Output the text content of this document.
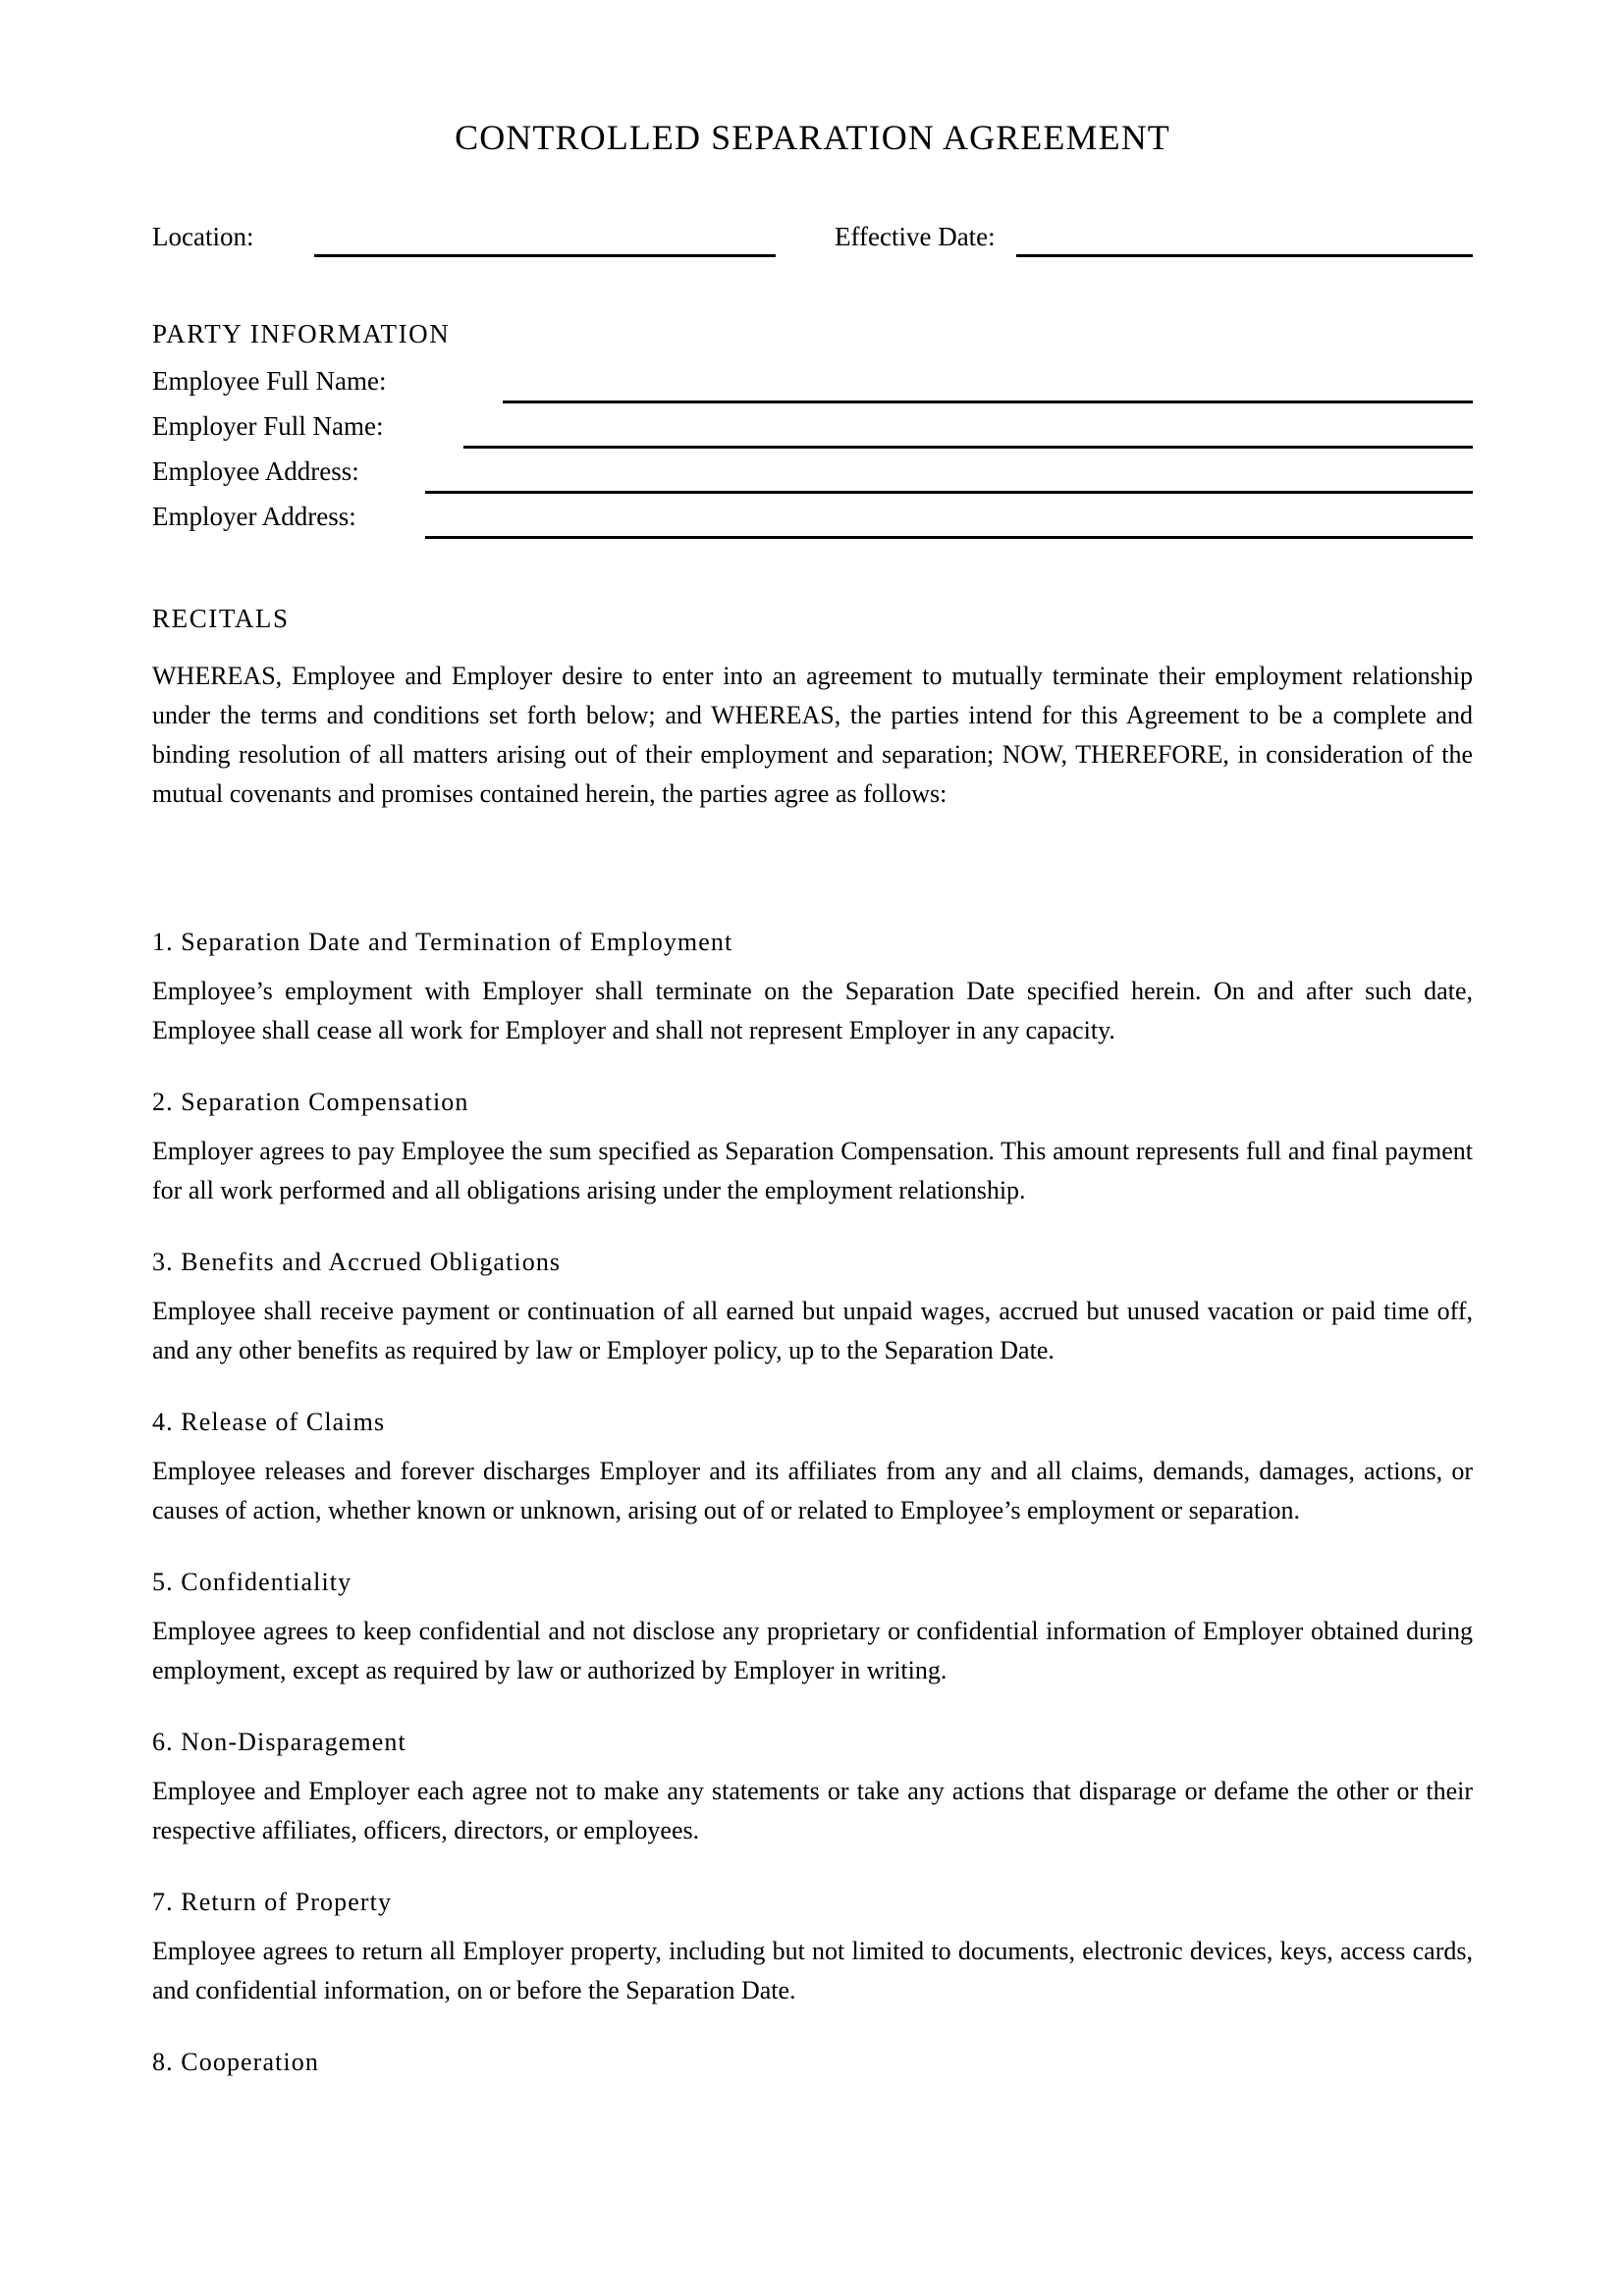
CONTROLLED SEPARATION AGREEMENT
Location:	Effective Date:
PARTY INFORMATION
Employee Full Name:
Employer Full Name:
Employee Address:
Employer Address:
RECITALS

WHEREAS, Employee and Employer desire to enter into an agreement to mutually terminate their employment relationship under the terms and conditions set forth below; and WHEREAS, the parties intend for this Agreement to be a complete and binding resolution of all matters arising out of their employment and separation; NOW, THEREFORE, in consideration of the mutual covenants and promises contained herein, the parties agree as follows:

1. Separation Date and Termination of Employment

Employee’s employment with Employer shall terminate on the Separation Date specified herein. On and after such date, Employee shall cease all work for Employer and shall not represent Employer in any capacity.

2. Separation Compensation

Employer agrees to pay Employee the sum specified as Separation Compensation. This amount represents full and final payment for all work performed and all obligations arising under the employment relationship.

3. Benefits and Accrued Obligations

Employee shall receive payment or continuation of all earned but unpaid wages, accrued but unused vacation or paid time off, and any other benefits as required by law or Employer policy, up to the Separation Date.

4. Release of Claims

Employee releases and forever discharges Employer and its affiliates from any and all claims, demands, damages, actions, or causes of action, whether known or unknown, arising out of or related to Employee’s employment or separation.

5. Confidentiality

Employee agrees to keep confidential and not disclose any proprietary or confidential information of Employer obtained during employment, except as required by law or authorized by Employer in writing.

6. Non-Disparagement

Employee and Employer each agree not to make any statements or take any actions that disparage or defame the other or their respective affiliates, officers, directors, or employees.

7. Return of Property

Employee agrees to return all Employer property, including but not limited to documents, electronic devices, keys, access cards, and confidential information, on or before the Separation Date.

8. Cooperation
